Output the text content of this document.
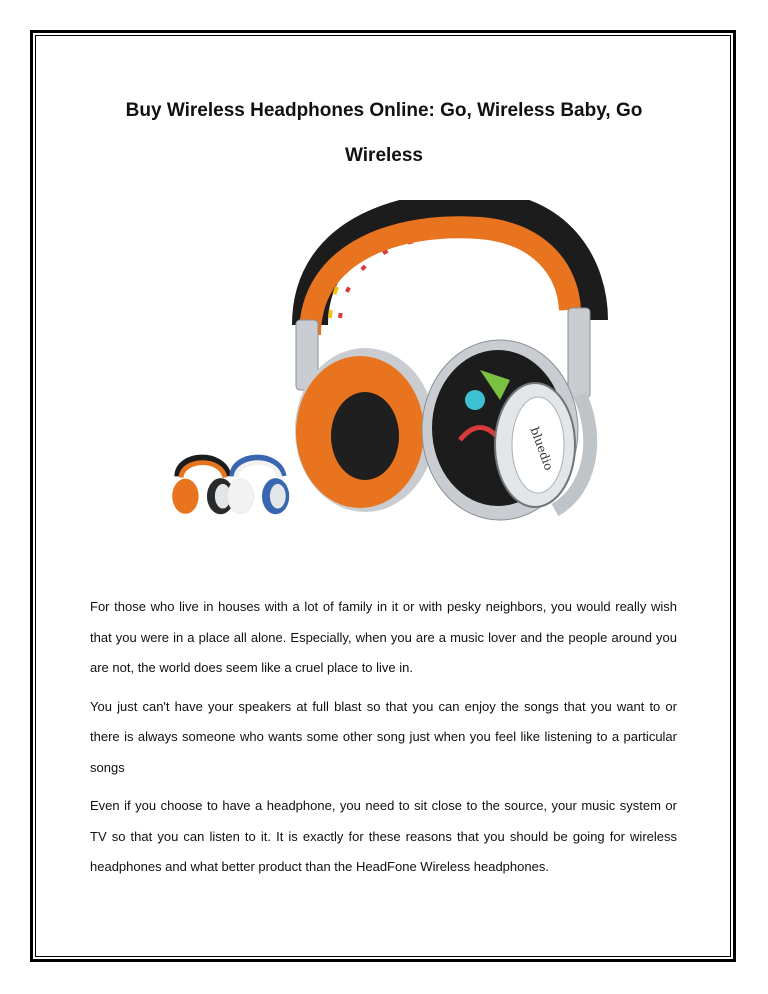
Buy Wireless Headphones Online: Go, Wireless Baby, Go
Wireless
bluedio

For those who live in houses with a lot of family in it or with pesky neighbors, you would really wish that you were in a place all alone. Especially, when you are a music lover and the people around you are not, the world does seem like a cruel place to live in.

You just can't have your speakers at full blast so that you can enjoy the songs that you want to or there is always someone who wants some other song just when you feel like listening to a particular songs

Even if you choose to have a headphone, you need to sit close to the source, your music system or TV so that you can listen to it. It is exactly for these reasons that you should be going for wireless headphones and what better product than the HeadFone Wireless headphones.
